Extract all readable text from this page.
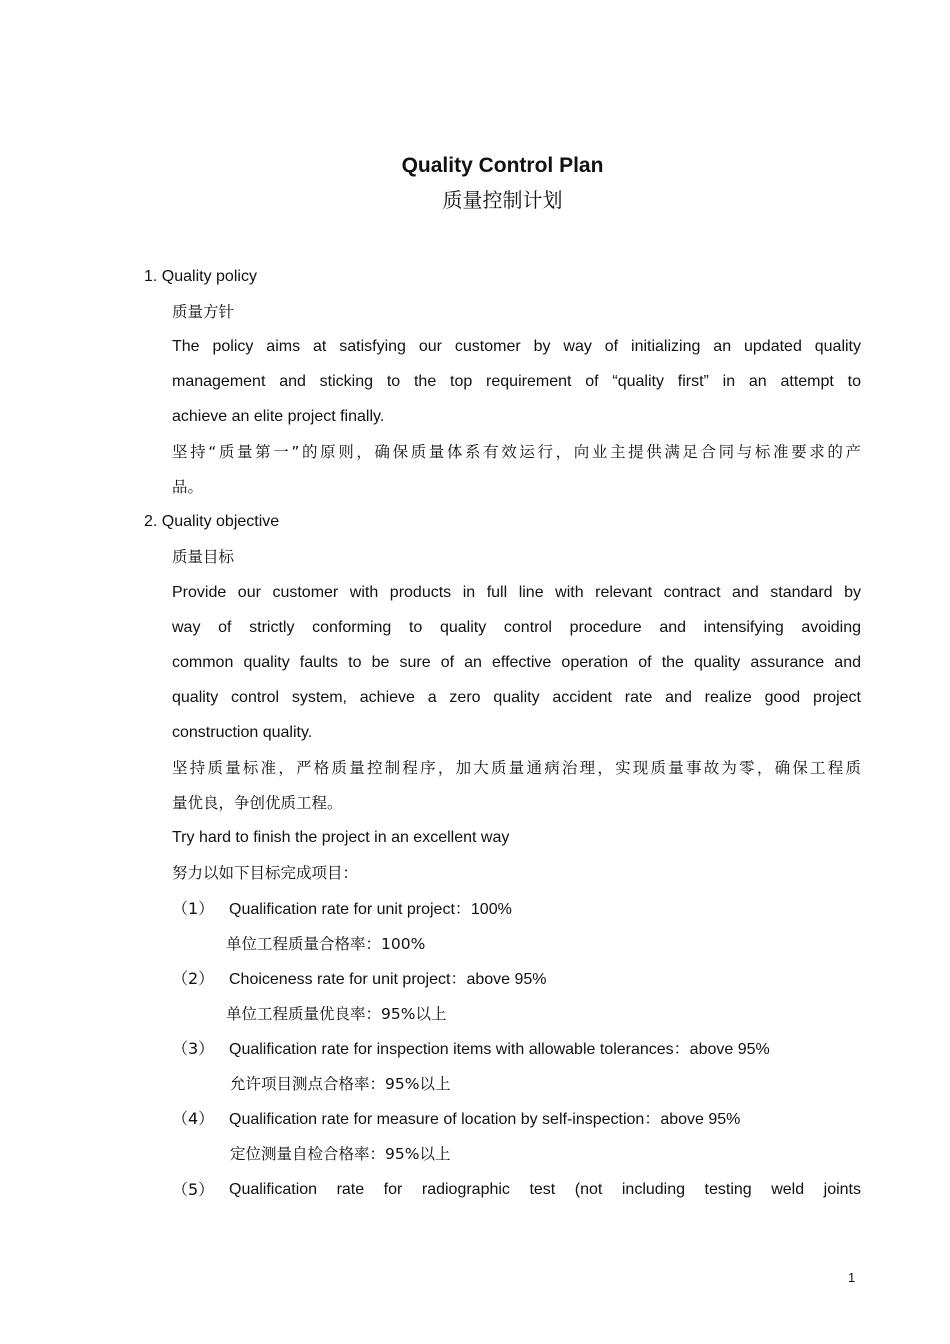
Quality Control Plan
质量控制计划
1. Quality policy
质量方针
The policy aims at satisfying our customer by way of initializing an updated quality
management and sticking to the top requirement of “quality first” in an attempt to
achieve an elite project finally.
坚持“质量第一”的原则，确保质量体系有效运行，向业主提供满足合同与标准要求的产
品。
2. Quality objective
质量目标
Provide our customer with products in full line with relevant contract and standard by
way of strictly conforming to quality control procedure and intensifying avoiding
common quality faults to be sure of an effective operation of the quality assurance and
quality control system, achieve a zero quality accident rate and realize good project
construction quality.
坚持质量标准，严格质量控制程序，加大质量通病治理，实现质量事故为零，确保工程质
量优良，争创优质工程。
Try hard to finish the project in an excellent way
努力以如下目标完成项目：
（1） Qualification rate for unit project：100%
单位工程质量合格率：100%
（2） Choiceness rate for unit project：above 95%
单位工程质量优良率：95%以上
（3） Qualification rate for inspection items with allowable tolerances：above 95%
允许项目测点合格率：95%以上
（4） Qualification rate for measure of location by self-inspection：above 95%
定位测量自检合格率：95%以上
（5） Qualification rate for radiographic test (not including testing weld joints
1
